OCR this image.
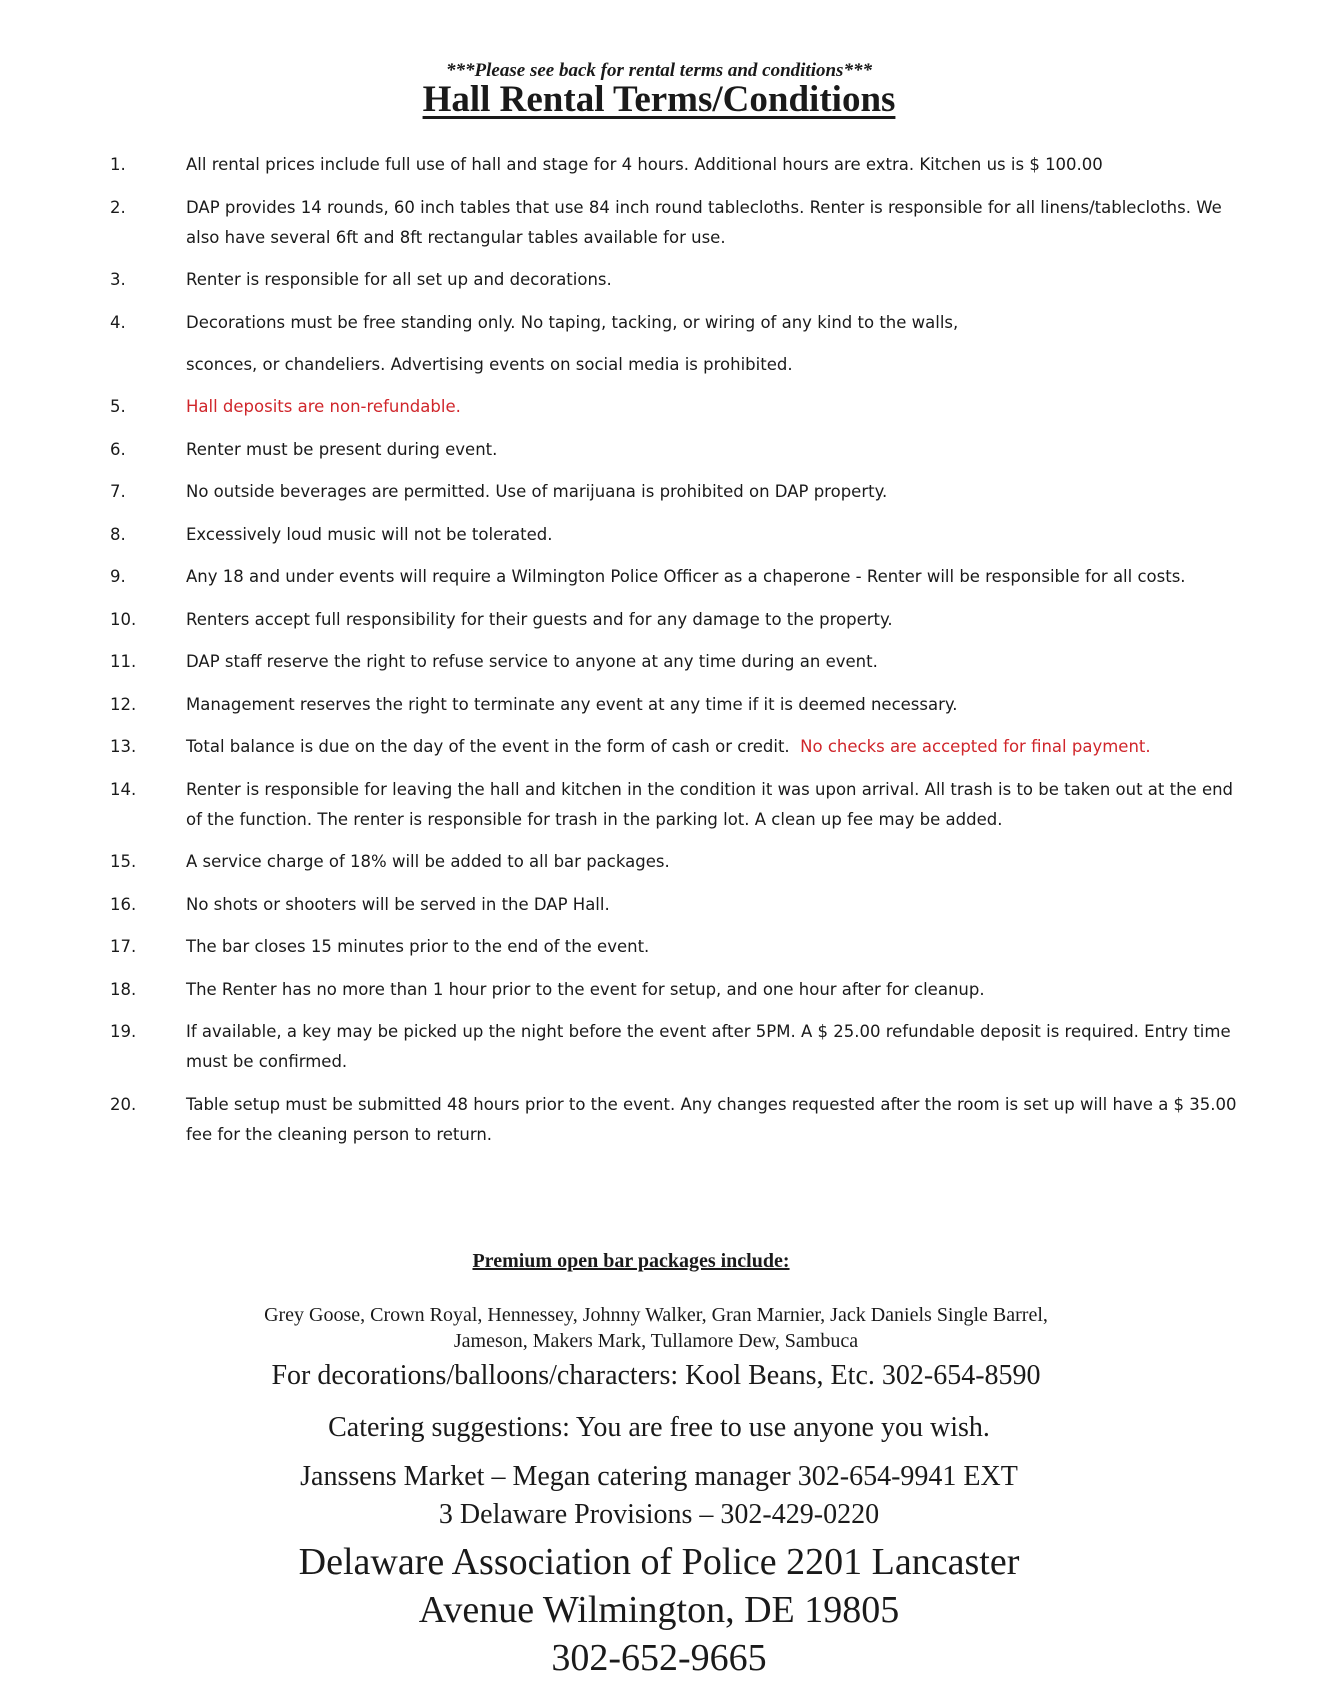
***Please see back for rental terms and conditions***
Hall Rental Terms/Conditions
1.	All rental prices include full use of hall and stage for 4 hours. Additional hours are extra. Kitchen us is $ 100.00
2.	DAP provides 14 rounds, 60 inch tables that use 84 inch round tablecloths. Renter is responsible for all linens/tablecloths. We also have several 6ft and 8ft rectangular tables available for use.
3.	Renter is responsible for all set up and decorations.
4.	Decorations must be free standing only. No taping, tacking, or wiring of any kind to the walls,
sconces, or chandeliers. Advertising events on social media is prohibited.
5.	Hall deposits are non-refundable.
6.	Renter must be present during event.
7.	No outside beverages are permitted. Use of marijuana is prohibited on DAP property.
8.	Excessively loud music will not be tolerated.
9.	Any 18 and under events will require a Wilmington Police Officer as a chaperone - Renter will be responsible for all costs.
10.	Renters accept full responsibility for their guests and for any damage to the property.
11.	DAP staff reserve the right to refuse service to anyone at any time during an event.
12.	Management reserves the right to terminate any event at any time if it is deemed necessary.
13.	Total balance is due on the day of the event in the form of cash or credit. No checks are accepted for final payment.
14.	Renter is responsible for leaving the hall and kitchen in the condition it was upon arrival. All trash is to be taken out at the end of the function. The renter is responsible for trash in the parking lot. A clean up fee may be added.
15.	A service charge of 18% will be added to all bar packages.
16.	No shots or shooters will be served in the DAP Hall.
17.	The bar closes 15 minutes prior to the end of the event.
18.	The Renter has no more than 1 hour prior to the event for setup, and one hour after for cleanup.
19.	If available, a key may be picked up the night before the event after 5PM. A $ 25.00 refundable deposit is required. Entry time must be confirmed.
20.	Table setup must be submitted 48 hours prior to the event. Any changes requested after the room is set up will have a $ 35.00 fee for the cleaning person to return.
Premium open bar packages include:
Grey Goose, Crown Royal, Hennessey, Johnny Walker, Gran Marnier, Jack Daniels Single Barrel,
Jameson, Makers Mark, Tullamore Dew, Sambuca
For decorations/balloons/characters: Kool Beans, Etc. 302-654-8590
Catering suggestions: You are free to use anyone you wish.
Janssens Market – Megan catering manager 302-654-9941 EXT
3 Delaware Provisions – 302-429-0220
Delaware Association of Police 2201 Lancaster
Avenue Wilmington, DE 19805
302-652-9665
